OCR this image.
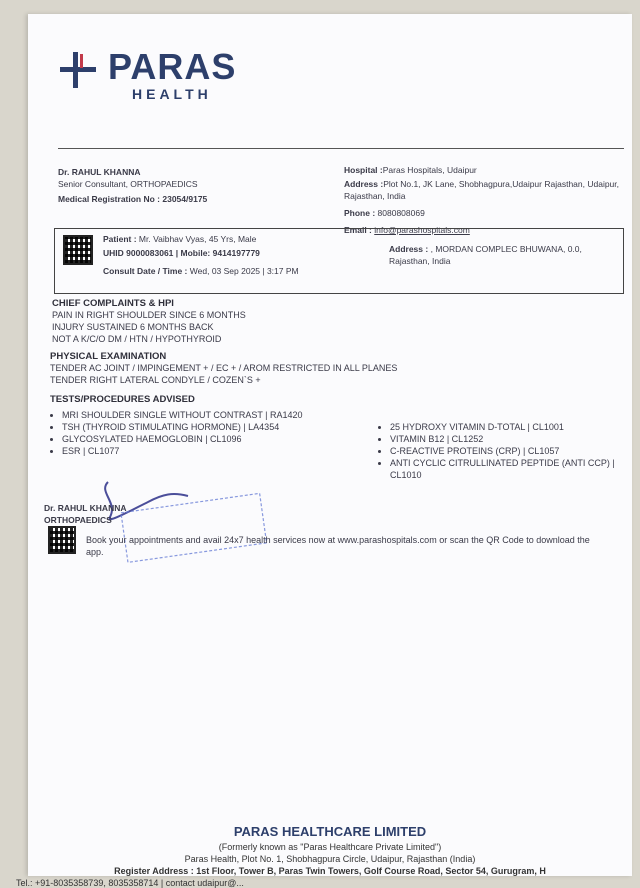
PARAS
HEALTH
Dr. RAHUL KHANNA
Senior Consultant, ORTHOPAEDICS
Medical Registration No : 23054/9175
Hospital :Paras Hospitals, Udaipur
Address :Plot No.1, JK Lane, Shobhagpura,Udaipur Rajasthan, Udaipur, Rajasthan, India
Phone : 8080808069
Email : info@parashospitals.com
Patient : Mr. Vaibhav Vyas, 45 Yrs, Male
UHID 9000083061 | Mobile: 9414197779
Consult Date / Time : Wed, 03 Sep 2025 | 3:17 PM
Address : , MORDAN COMPLEC BHUWANA, 0.0, Rajasthan, India
CHIEF COMPLAINTS & HPI
PAIN IN RIGHT SHOULDER SINCE 6 MONTHS
INJURY SUSTAINED 6 MONTHS BACK
NOT A K/C/O DM / HTN / HYPOTHYROID
PHYSICAL EXAMINATION
TENDER AC JOINT / IMPINGEMENT + / EC + / AROM RESTRICTED IN ALL PLANES
TENDER RIGHT LATERAL CONDYLE / COZEN`S +
TESTS/PROCEDURES ADVISED
• MRI SHOULDER SINGLE WITHOUT CONTRAST | RA1420
• TSH (THYROID STIMULATING HORMONE) | LA4354
• GLYCOSYLATED HAEMOGLOBIN | CL1096
• ESR | CL1077
• 25 HYDROXY VITAMIN D-TOTAL | CL1001
• VITAMIN B12 | CL1252
• C-REACTIVE PROTEINS (CRP) | CL1057
• ANTI CYCLIC CITRULLINATED PEPTIDE (ANTI CCP) | CL1010
Dr. RAHUL KHANNA
ORTHOPAEDICS
Book your appointments and avail 24x7 health services now at www.parashospitals.com or scan the QR Code to download the app.
PARAS HEALTHCARE LIMITED
(Formerly known as "Paras Healthcare Private Limited")
Paras Health, Plot No. 1, Shobhagpura Circle, Udaipur, Rajasthan (India)
Register Address : 1st Floor, Tower B, Paras Twin Towers, Golf Course Road, Sector 54, Gurugram, H
Tel.: +91-8035358739, 8035358714 | contact udaipur@...
